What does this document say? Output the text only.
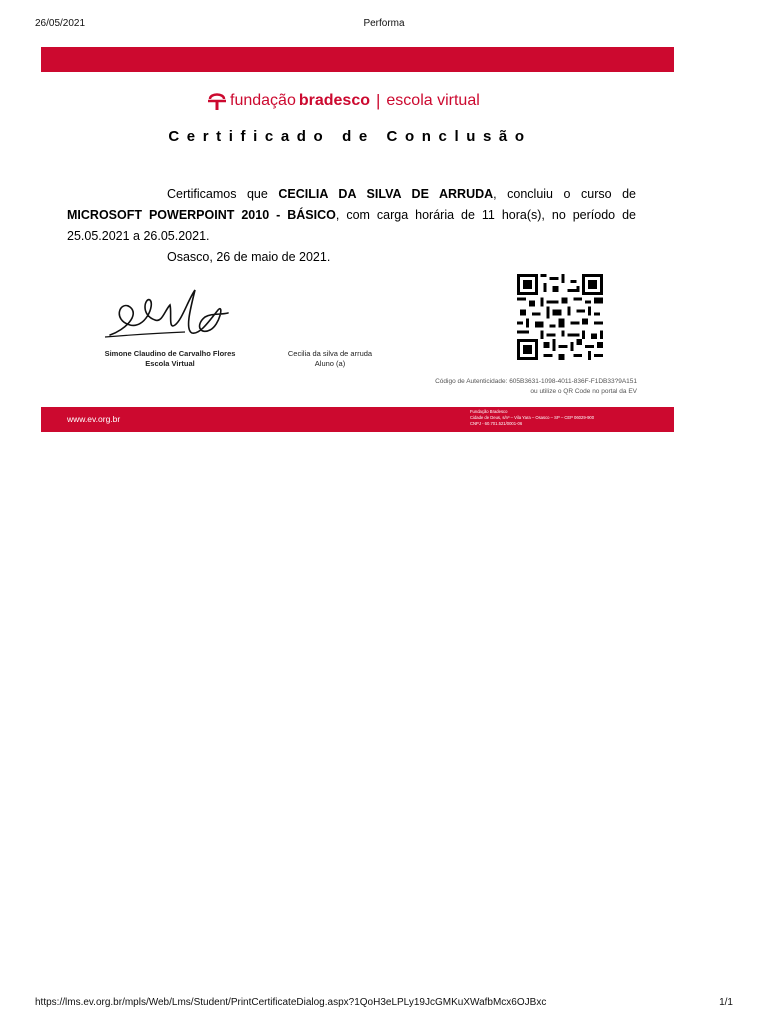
26/05/2021	Performa
fundação bradesco | escola virtual
Certificado de Conclusão

Certificamos que CECILIA DA SILVA DE ARRUDA, concluiu o curso de MICROSOFT POWERPOINT 2010 - BÁSICO, com carga horária de 11 hora(s), no período de 25.05.2021 a 26.05.2021.

Osasco, 26 de maio de 2021.
Simone Claudino de Carvalho Flores
Escola Virtual
Cecilia da silva de arruda
Aluno (a)
Código de Autenticidade: 605B3631-1098-4011-836F-F1DB33?9A151
ou utilize o QR Code no portal da EV
www.ev.org.br
Fundação Bradesco
Cidade de Deus, s/nº – Vila Yara – Osasco – SP – CEP 06029-900
CNPJ - 60.701.521/0001-06
https://lms.ev.org.br/mpls/Web/Lms/Student/PrintCertificateDialog.aspx?1QoH3eLPLy19JcGMKuXWafbMcx6OJBxc	1/1
